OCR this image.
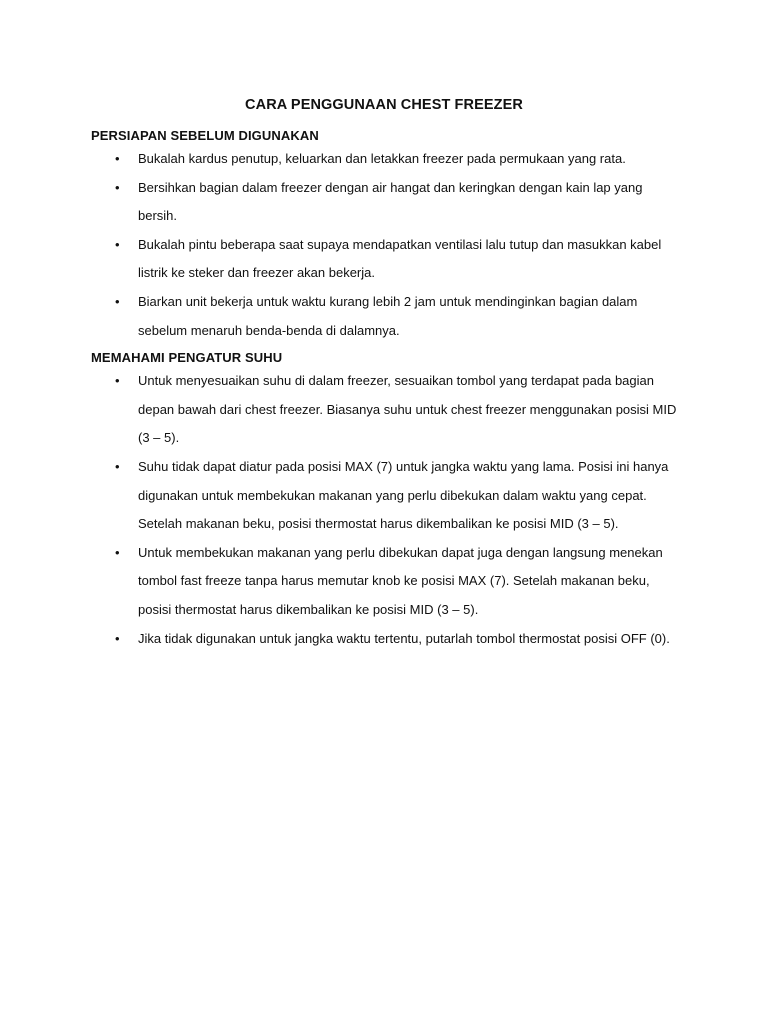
CARA PENGGUNAAN CHEST FREEZER
PERSIAPAN SEBELUM DIGUNAKAN
• Bukalah kardus penutup, keluarkan dan letakkan freezer pada permukaan yang rata.
• Bersihkan bagian dalam freezer dengan air hangat dan keringkan dengan kain lap yang bersih.
• Bukalah pintu beberapa saat supaya mendapatkan ventilasi lalu tutup dan masukkan kabel listrik ke steker dan freezer akan bekerja.
• Biarkan unit bekerja untuk waktu kurang lebih 2 jam untuk mendinginkan bagian dalam sebelum menaruh benda-benda di dalamnya.
MEMAHAMI PENGATUR SUHU
• Untuk menyesuaikan suhu di dalam freezer, sesuaikan tombol yang terdapat pada bagian depan bawah dari chest freezer. Biasanya suhu untuk chest freezer menggunakan posisi MID (3 – 5).
• Suhu tidak dapat diatur pada posisi MAX (7) untuk jangka waktu yang lama. Posisi ini hanya digunakan untuk membekukan makanan yang perlu dibekukan dalam waktu yang cepat. Setelah makanan beku, posisi thermostat harus dikembalikan ke posisi MID (3 – 5).
• Untuk membekukan makanan yang perlu dibekukan dapat juga dengan langsung menekan tombol fast freeze tanpa harus memutar knob ke posisi MAX (7). Setelah makanan beku, posisi thermostat harus dikembalikan ke posisi MID (3 – 5).
• Jika tidak digunakan untuk jangka waktu tertentu, putarlah tombol thermostat posisi OFF (0).
